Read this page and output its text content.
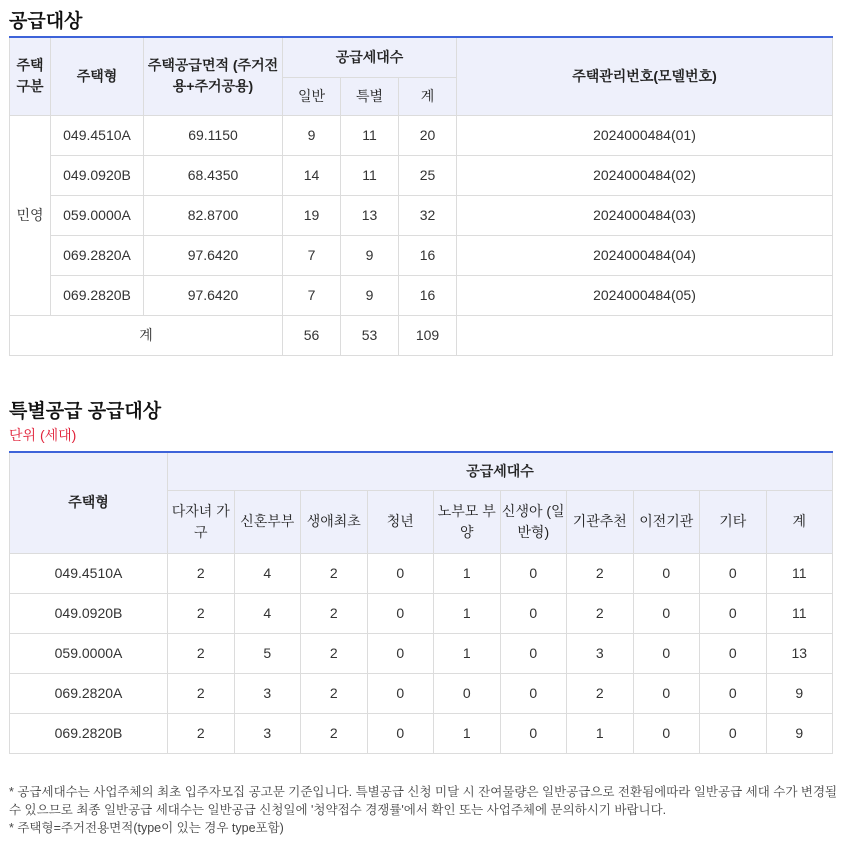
공급대상
주택 구분	주택형	주택공급면적 (주거전용+주거공용)	공급세대수			주택관리번호(모델번호)
			일반	특별	계	
민영	049.4510A	69.1150	9	11	20	2024000484(01)
	049.0920B	68.4350	14	11	25	2024000484(02)
	059.0000A	82.8700	19	13	32	2024000484(03)
	069.2820A	97.6420	7	9	16	2024000484(04)
	069.2820B	97.6420	7	9	16	2024000484(05)
계			56	53	109	
특별공급 공급대상
단위 (세대)
주택형	공급세대수									
	다자녀 가구	신혼부부	생애최초	청년	노부모 부양	신생아 (일반형)	기관추천	이전기관	기타	계
049.4510A	2	4	2	0	1	0	2	0	0	11
049.0920B	2	4	2	0	1	0	2	0	0	11
059.0000A	2	5	2	0	1	0	3	0	0	13
069.2820A	2	3	2	0	0	0	2	0	0	9
069.2820B	2	3	2	0	1	0	1	0	0	9

* 공급세대수는 사업주체의 최초 입주자모집 공고문 기준입니다. 특별공급 신청 미달 시 잔여물량은 일반공급으로 전환됨에따라 일반공급 세대 수가 변경될 수 있으므로 최종 일반공급 세대수는 일반공급 신청일에 '청약접수 경쟁률'에서 확인 또는 사업주체에 문의하시기 바랍니다.

* 주택형=주거전용면적(type이 있는 경우 type포함)
